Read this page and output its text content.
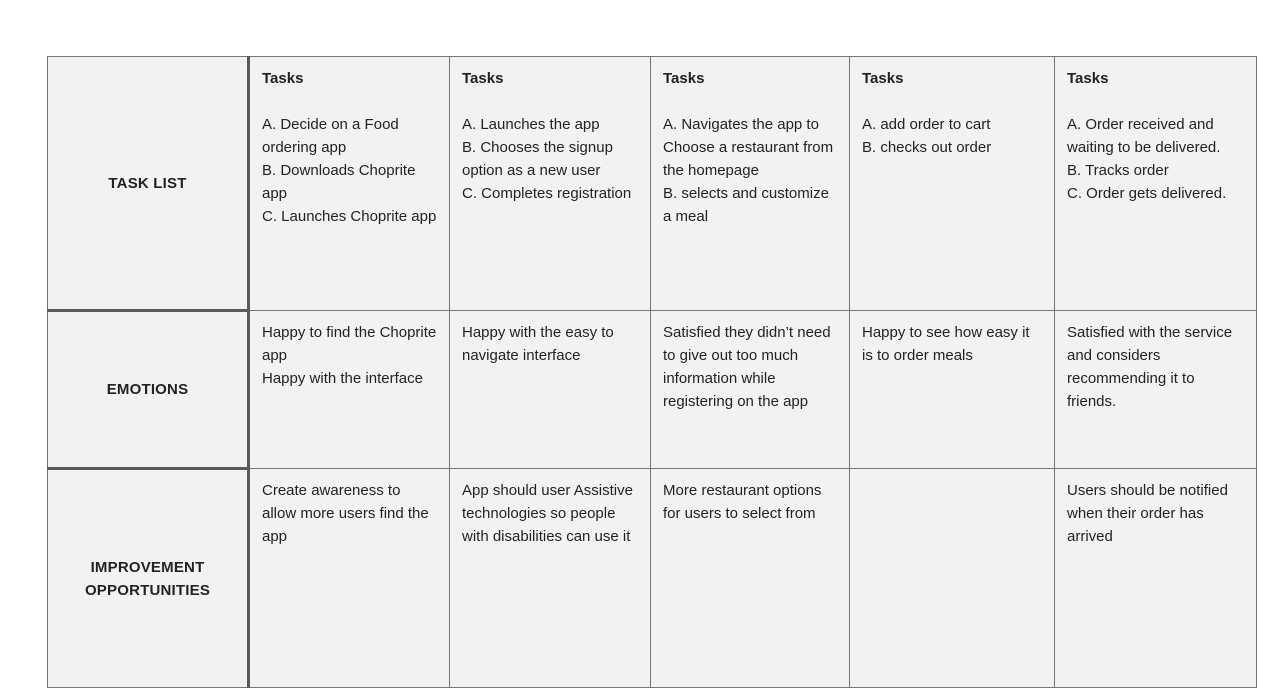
TASK LIST	Tasks
A. Decide on a Food ordering app
B. Downloads Choprite app
C. Launches Choprite app	Tasks
A. Launches the app
B. Chooses the signup option as a new user
C. Completes registration	Tasks
A. Navigates the app to Choose a restaurant from the homepage
B. selects and customize a meal	Tasks
A. add order to cart
B. checks out order	Tasks
A. Order received and waiting to be delivered.
B. Tracks order
C. Order gets delivered.

EMOTIONS	Happy to find the Choprite app
Happy with the interface	Happy with the easy to navigate interface	Satisfied they didn’t need to give out too much information while registering on the app	Happy to see how easy it is to order meals	Satisfied with the service and considers recommending it to friends.

IMPROVEMENT OPPORTUNITIES	Create awareness to allow more users find the app	App should user Assistive technologies so people with disabilities can use it	More restaurant options for users to select from		Users should be notified when their order has arrived
